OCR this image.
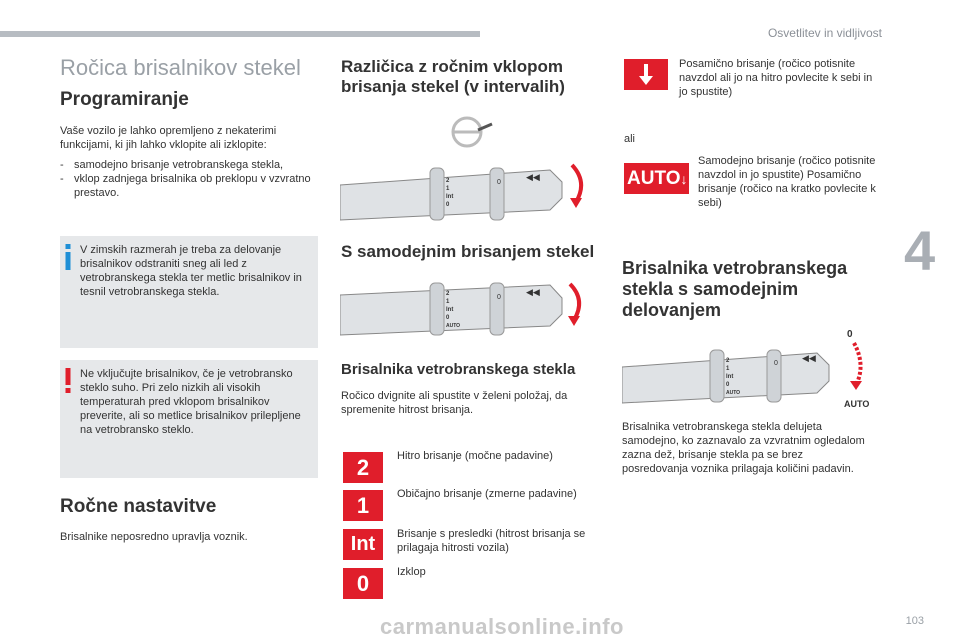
Osvetlitev in vidljivost
4
Ročica brisalnikov stekel
Programiranje
Vaše vozilo je lahko opremljeno z nekaterimi funkcijami, ki jih lahko vklopite ali izklopite:
- samodejno brisanje vetrobranskega stekla,
- vklop zadnjega brisalnika ob preklopu v vzvratno prestavo.
V zimskih razmerah je treba za delovanje brisalnikov odstraniti sneg ali led z vetrobranskega stekla ter metlic brisalnikov in tesnil vetrobranskega stekla.
Ne vključujte brisalnikov, če je vetrobransko steklo suho. Pri zelo nizkih ali visokih temperaturah pred vklopom brisalnikov preverite, ali so metlice brisalnikov prilepljene na vetrobransko steklo.
Ročne nastavitve
Brisalnike neposredno upravlja voznik.
Različica z ročnim vklopom brisanja stekel (v intervalih)
2
1
Int
0
0
◀◀
S samodejnim brisanjem stekel
2
1
Int
0
AUTO
0
◀◀
Brisalnika vetrobranskega stekla
Ročico dvignite ali spustite v želeni položaj, da spremenite hitrost brisanja.
2	Hitro brisanje (močne padavine)
1	Običajno brisanje (zmerne padavine)
Int	Brisanje s presledki (hitrost brisanja se prilagaja hitrosti vozila)
0	Izklop
Posamično brisanje (ročico potisnite navzdol ali jo na hitro povlecite k sebi in jo spustite)
ali
AUTO↓
Samodejno brisanje (ročico potisnite navzdol in jo spustite) Posamično brisanje (ročico na kratko povlecite k sebi)
Brisalnika vetrobranskega stekla s samodejnim delovanjem
2
1
Int
0
AUTO
0
◀◀
0
AUTO
Brisalnika vetrobranskega stekla delujeta samodejno, ko zaznavalo za vzvratnim ogledalom zazna dež, brisanje stekla pa se brez posredovanja voznika prilagaja količini padavin.
103
carmanualsonline.info
